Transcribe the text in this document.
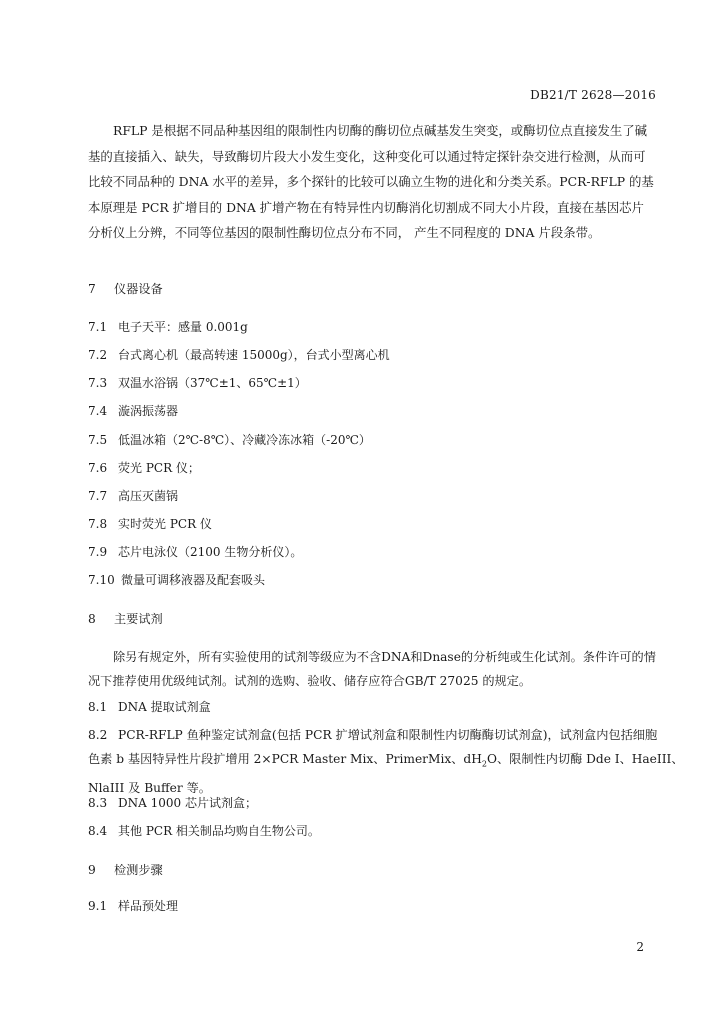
DB21/T 2628—2016
RFLP 是根据不同品种基因组的限制性内切酶的酶切位点碱基发生突变，或酶切位点直接发生了碱
基的直接插入、缺失，导致酶切片段大小发生变化，这种变化可以通过特定探针杂交进行检测，从而可
比较不同品种的 DNA 水平的差异，多个探针的比较可以确立生物的进化和分类关系。PCR-RFLP 的基
本原理是 PCR 扩增目的 DNA 扩增产物在有特异性内切酶消化切割成不同大小片段，直接在基因芯片
分析仪上分辨，不同等位基因的限制性酶切位点分布不同， 产生不同程度的 DNA 片段条带。
7 仪器设备
7.1 电子天平：感量 0.001g
7.2 台式离心机（最高转速 15000g），台式小型离心机
7.3 双温水浴锅（37℃±1、65℃±1）
7.4 漩涡振荡器
7.5 低温冰箱（2℃-8℃）、冷藏冷冻冰箱（-20℃）
7.6 荧光 PCR 仪；
7.7 高压灭菌锅
7.8 实时荧光 PCR 仪
7.9 芯片电泳仪（2100 生物分析仪）。
7.10 微量可调移液器及配套吸头
8 主要试剂
除另有规定外，所有实验使用的试剂等级应为不含DNA和Dnase的分析纯或生化试剂。条件许可的情
况下推荐使用优级纯试剂。试剂的选购、验收、储存应符合GB/T 27025 的规定。
8.1 DNA 提取试剂盒
8.2 PCR-RFLP 鱼种鉴定试剂盒(包括 PCR 扩增试剂盒和限制性内切酶酶切试剂盒)，试剂盒内包括细胞
色素 b 基因特异性片段扩增用 2×PCR Master Mix、PrimerMix、$dH_2O$、限制性内切酶 Dde I、HaeIII、
NlaIII 及 Buffer 等。
8.3 DNA 1000 芯片试剂盒；
8.4 其他 PCR 相关制品均购自生物公司。
9 检测步骤
9.1 样品预处理
2
